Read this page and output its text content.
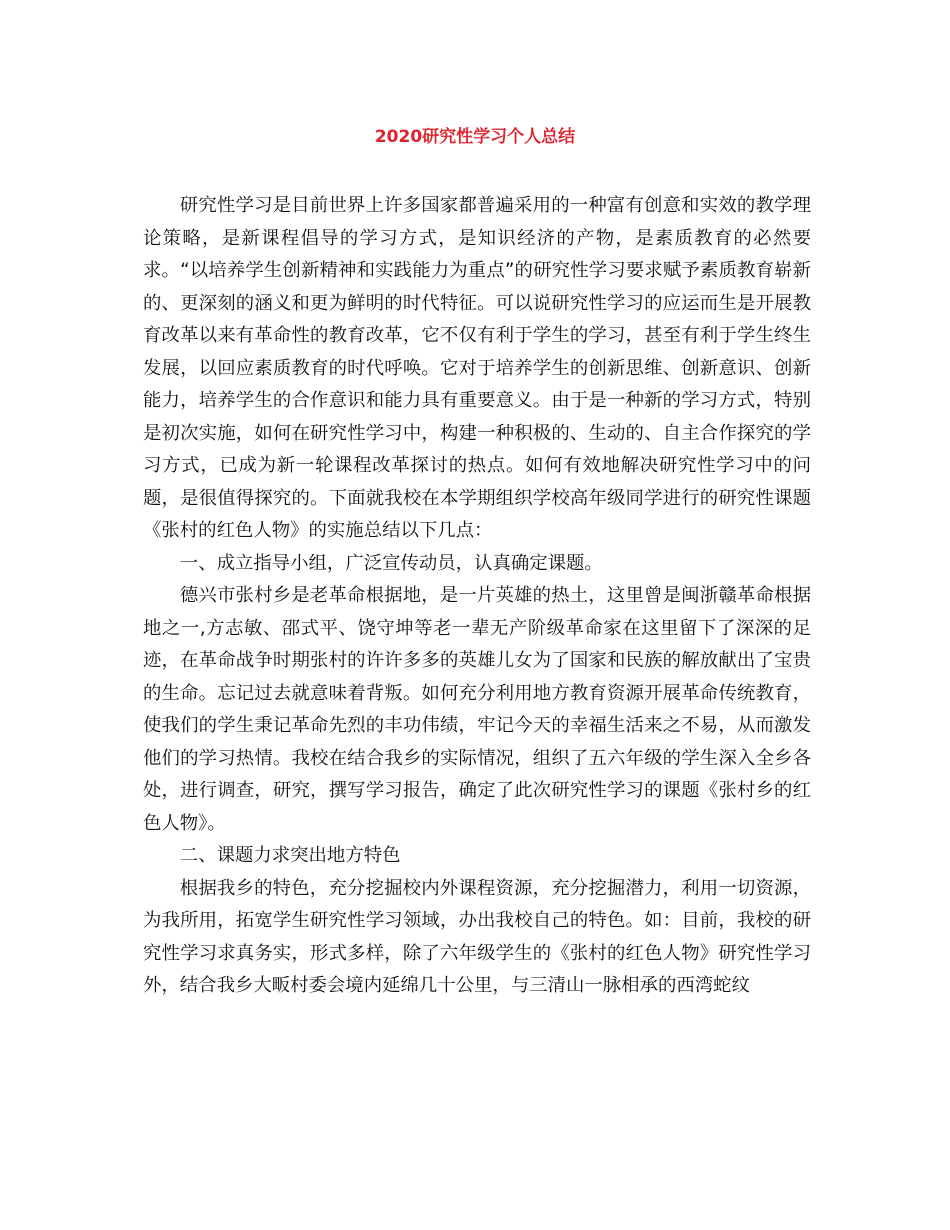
2020研究性学习个人总结

研究性学习是目前世界上许多国家都普遍采用的一种富有创意和实效的教学理论策略，是新课程倡导的学习方式，是知识经济的产物，是素质教育的必然要求。“以培养学生创新精神和实践能力为重点”的研究性学习要求赋予素质教育崭新的、更深刻的涵义和更为鲜明的时代特征。可以说研究性学习的应运而生是开展教育改革以来有革命性的教育改革，它不仅有利于学生的学习，甚至有利于学生终生发展，以回应素质教育的时代呼唤。它对于培养学生的创新思维、创新意识、创新能力，培养学生的合作意识和能力具有重要意义。由于是一种新的学习方式，特别是初次实施，如何在研究性学习中，构建一种积极的、生动的、自主合作探究的学习方式，已成为新一轮课程改革探讨的热点。如何有效地解决研究性学习中的问题，是很值得探究的。下面就我校在本学期组织学校高年级同学进行的研究性课题《张村的红色人物》的实施总结以下几点：

一、成立指导小组，广泛宣传动员，认真确定课题。

德兴市张村乡是老革命根据地，是一片英雄的热土，这里曾是闽浙赣革命根据地之一,方志敏、邵式平、饶守坤等老一辈无产阶级革命家在这里留下了深深的足迹，在革命战争时期张村的许许多多的英雄儿女为了国家和民族的解放献出了宝贵的生命。忘记过去就意味着背叛。如何充分利用地方教育资源开展革命传统教育，使我们的学生秉记革命先烈的丰功伟绩，牢记今天的幸福生活来之不易，从而激发他们的学习热情。我校在结合我乡的实际情况，组织了五六年级的学生深入全乡各处，进行调查，研究，撰写学习报告，确定了此次研究性学习的课题《张村乡的红色人物》。

二、课题力求突出地方特色

根据我乡的特色，充分挖掘校内外课程资源，充分挖掘潜力，利用一切资源，为我所用，拓宽学生研究性学习领域，办出我校自己的特色。如：目前，我校的研究性学习求真务实，形式多样，除了六年级学生的《张村的红色人物》研究性学习外，结合我乡大畈村委会境内延绵几十公里，与三清山一脉相承的西湾蛇纹
